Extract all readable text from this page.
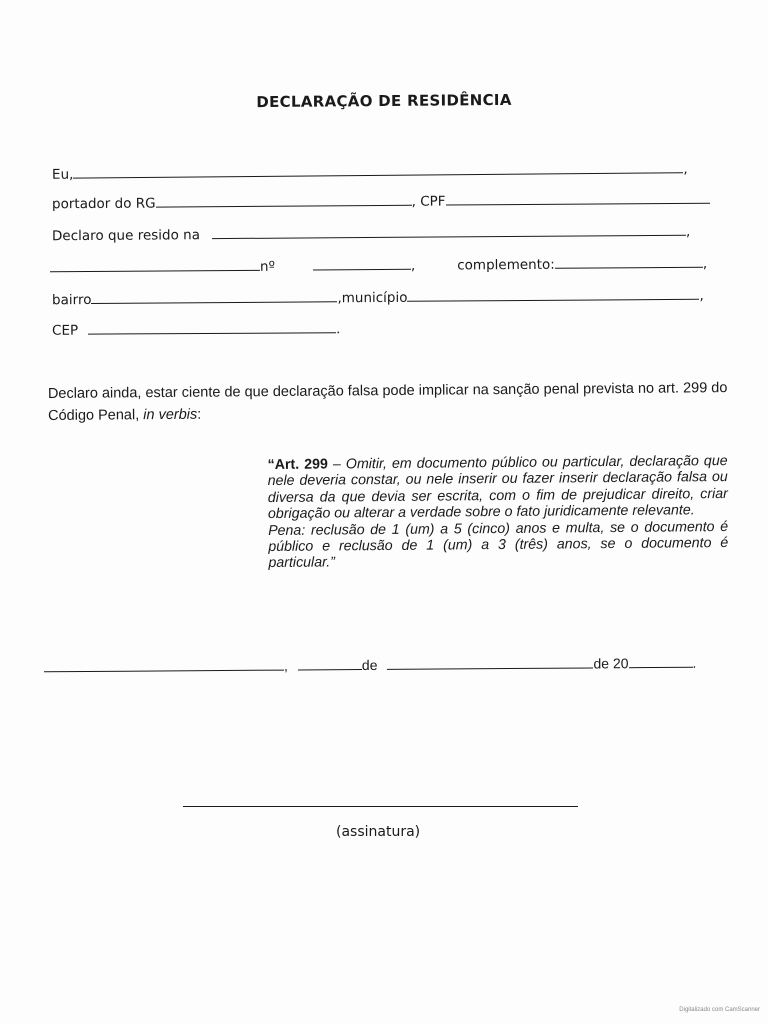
DECLARAÇÃO DE RESIDÊNCIA
Eu,	,
portador do RG	, CPF
Declaro que resido na	,
nº	,	complemento:	,
bairro	,município	,
CEP	.
Declaro ainda, estar ciente de que declaração falsa pode implicar na sanção penal prevista no art. 299 do Código Penal, in verbis:
“Art. 299 – Omitir, em documento público ou particular, declaração que nele deveria constar, ou nele inserir ou fazer inserir declaração falsa ou diversa da que devia ser escrita, com o fim de prejudicar direito, criar obrigação ou alterar a verdade sobre o fato juridicamente relevante.
Pena: reclusão de 1 (um) a 5 (cinco) anos e multa, se o documento é público e reclusão de 1 (um) a 3 (três) anos, se o documento é particular.”
,	de	de 20	.
(assinatura)
Digitalizado com CamScanner
